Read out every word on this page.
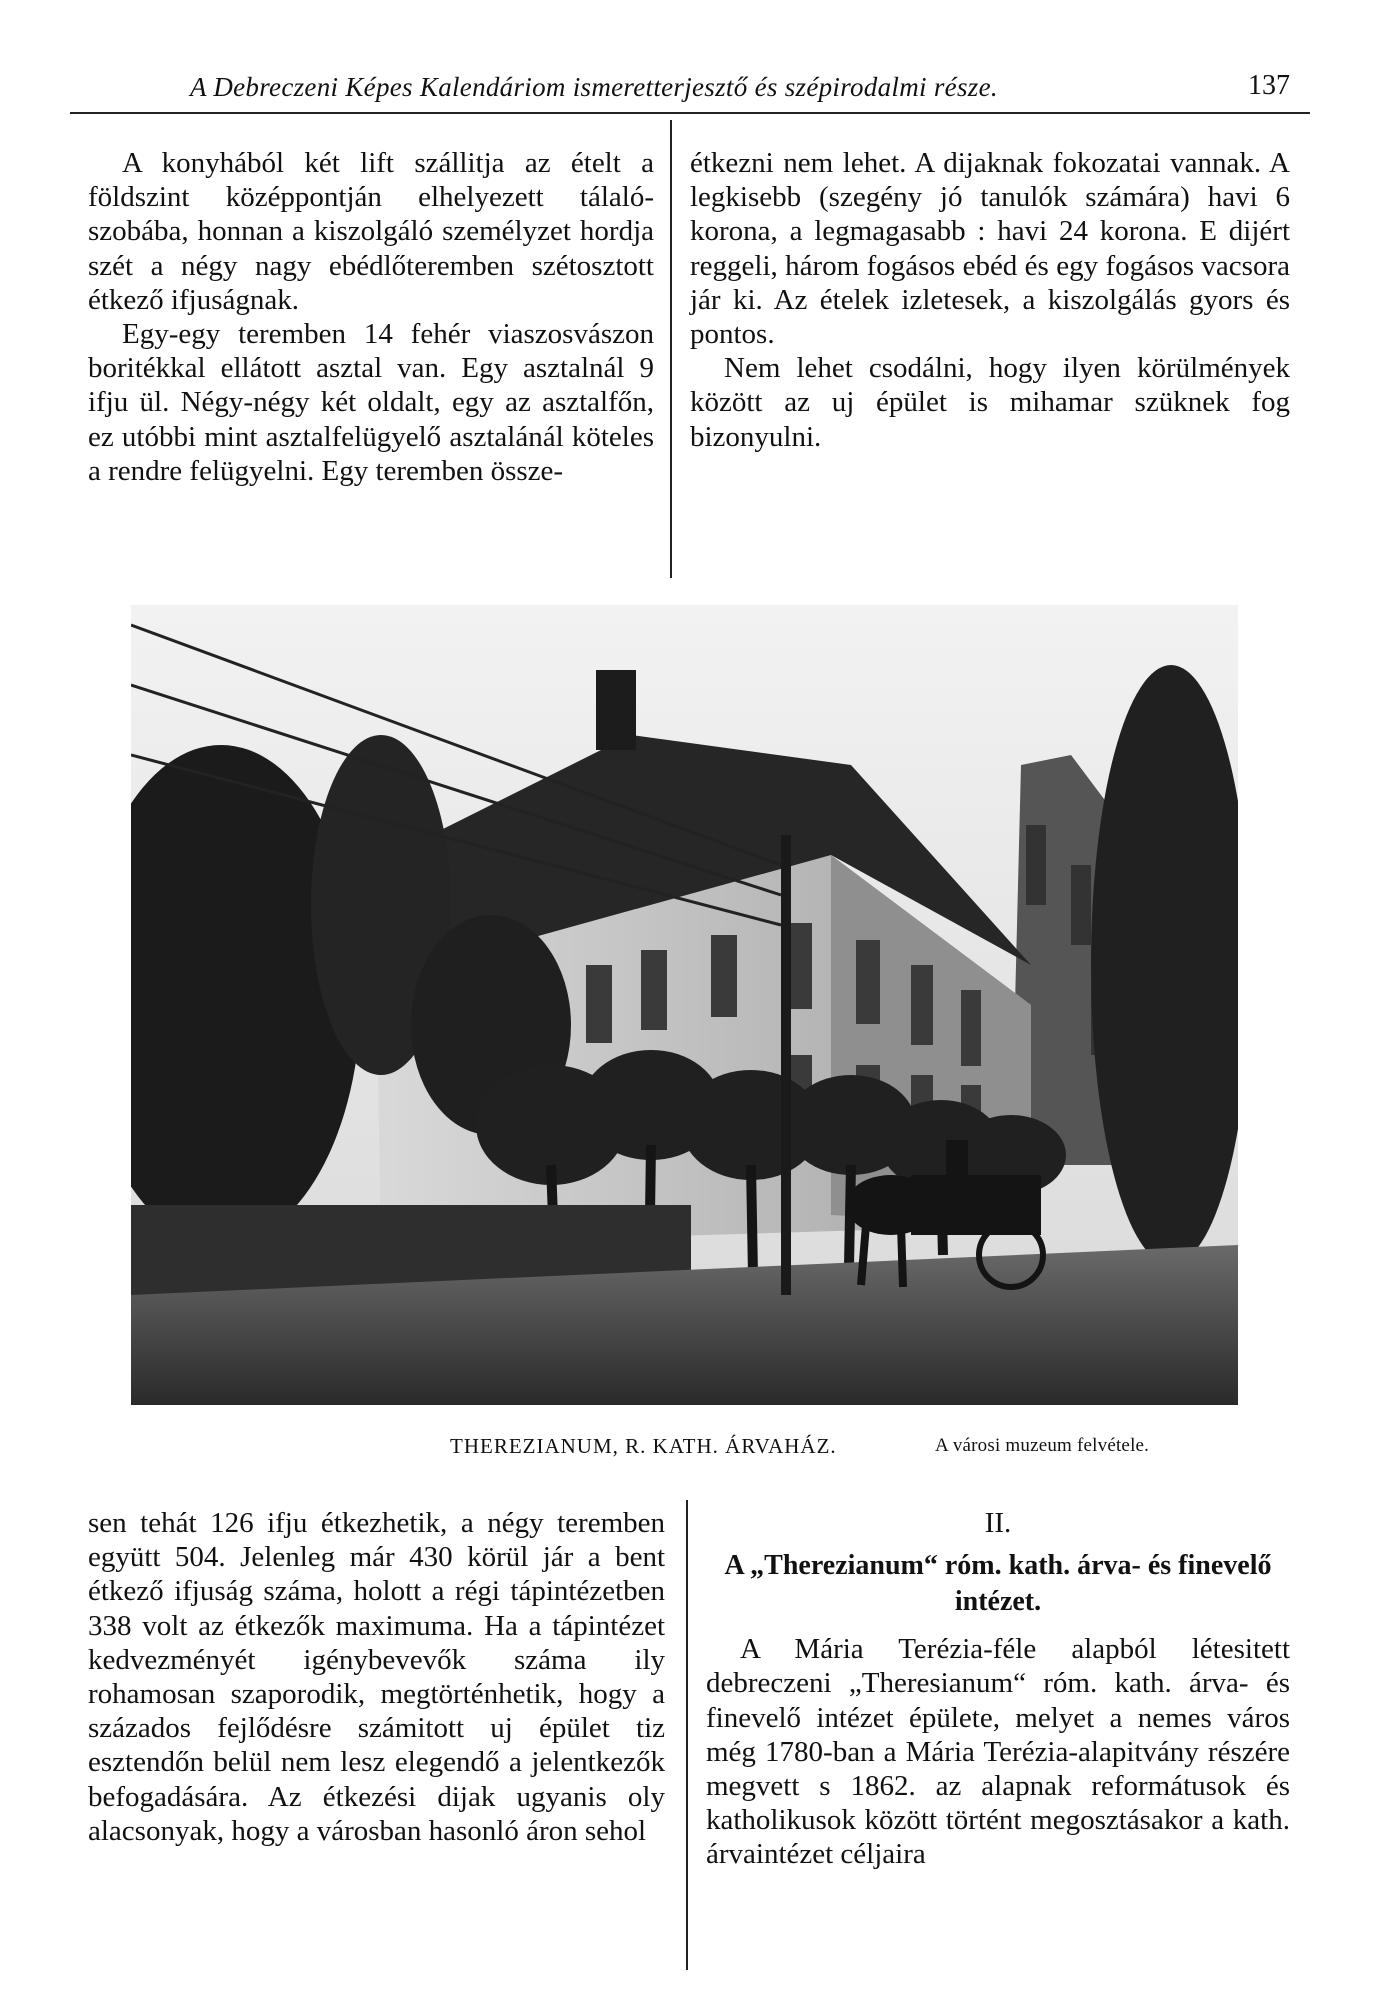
A Debreczeni Képes Kalendáriom ismeretterjesztő és szépirodalmi része.	137

A konyhából két lift szállitja az ételt a földszint középpontján elhelyezett tálaló-szobába, honnan a kiszolgáló személyzet hordja szét a négy nagy ebédlőteremben szétosztott étkező ifjuságnak.

Egy-egy teremben 14 fehér viaszosvászon boritékkal ellátott asztal van. Egy asztalnál 9 ifju ül. Négy-négy két oldalt, egy az asztalfőn, ez utóbbi mint asztalfelügyelő asztalánál köteles a rendre felügyelni. Egy teremben össze-

étkezni nem lehet. A dijaknak fokozatai vannak. A legkisebb (szegény jó tanulók számára) havi 6 korona, a legmagasabb : havi 24 korona. E dijért reggeli, három fogásos ebéd és egy fogásos vacsora jár ki. Az ételek izletesek, a kiszolgálás gyors és pontos.

Nem lehet csodálni, hogy ilyen körülmények között az uj épület is mihamar szüknek fog bizonyulni.

THEREZIANUM, R. KATH. ÁRVAHÁZ.	A városi muzeum felvétele.

sen tehát 126 ifju étkezhetik, a négy teremben együtt 504. Jelenleg már 430 körül jár a bent étkező ifjuság száma, holott a régi tápintézetben 338 volt az étkezők maximuma. Ha a tápintézet kedvezményét igénybevevők száma ily rohamosan szaporodik, megtörténhetik, hogy a százados fejlődésre számitott uj épület tiz esztendőn belül nem lesz elegendő a jelentkezők befogadására. Az étkezési dijak ugyanis oly alacsonyak, hogy a városban hasonló áron sehol

II.

A „Therezianum“ róm. kath. árva- és finevelő intézet.

A Mária Terézia-féle alapból létesitett debreczeni „Theresianum“ róm. kath. árva- és finevelő intézet épülete, melyet a nemes város még 1780-ban a Mária Terézia-alapitvány részére megvett s 1862. az alapnak reformátusok és katholikusok között történt megosztásakor a kath. árvaintézet céljaira
